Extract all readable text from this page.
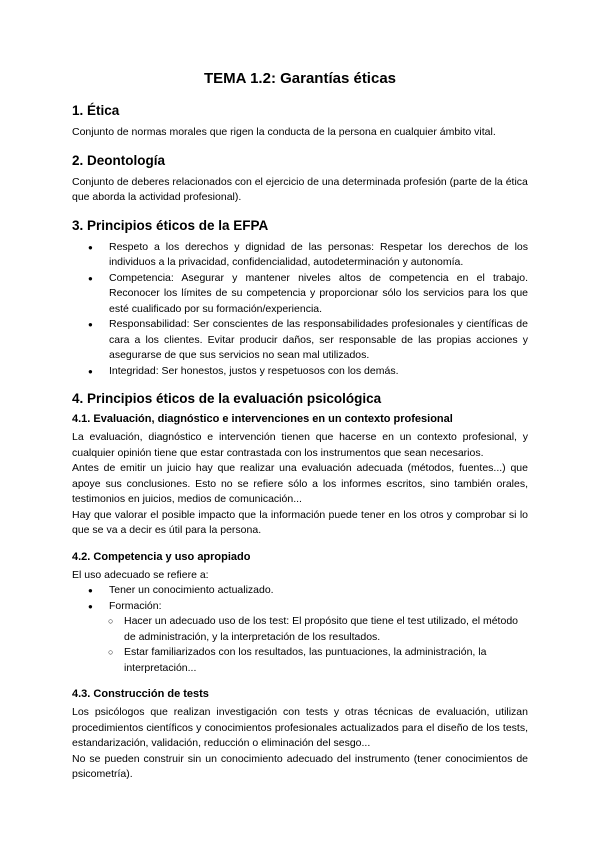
TEMA 1.2: Garantías éticas
1. Ética

Conjunto de normas morales que rigen la conducta de la persona en cualquier ámbito vital.

2. Deontología

Conjunto de deberes relacionados con el ejercicio de una determinada profesión (parte de la ética que aborda la actividad profesional).

3. Principios éticos de la EFPA
● Respeto a los derechos y dignidad de las personas: Respetar los derechos de los individuos a la privacidad, confidencialidad, autodeterminación y autonomía.
● Competencia: Asegurar y mantener niveles altos de competencia en el trabajo. Reconocer los límites de su competencia y proporcionar sólo los servicios para los que esté cualificado por su formación/experiencia.
● Responsabilidad: Ser conscientes de las responsabilidades profesionales y científicas de cara a los clientes. Evitar producir daños, ser responsable de las propias acciones y asegurarse de que sus servicios no sean mal utilizados.
● Integridad: Ser honestos, justos y respetuosos con los demás.
4. Principios éticos de la evaluación psicológica
4.1. Evaluación, diagnóstico e intervenciones en un contexto profesional

La evaluación, diagnóstico e intervención tienen que hacerse en un contexto profesional, y cualquier opinión tiene que estar contrastada con los instrumentos que sean necesarios.

Antes de emitir un juicio hay que realizar una evaluación adecuada (métodos, fuentes...) que apoye sus conclusiones. Esto no se refiere sólo a los informes escritos, sino también orales, testimonios en juicios, medios de comunicación...

Hay que valorar el posible impacto que la información puede tener en los otros y comprobar si lo que se va a decir es útil para la persona.

4.2. Competencia y uso apropiado

El uso adecuado se refiere a:

● Tener un conocimiento actualizado.
● Formación:
○ Hacer un adecuado uso de los test: El propósito que tiene el test utilizado, el método de administración, y la interpretación de los resultados.
○ Estar familiarizados con los resultados, las puntuaciones, la administración, la interpretación...
4.3. Construcción de tests

Los psicólogos que realizan investigación con tests y otras técnicas de evaluación, utilizan procedimientos científicos y conocimientos profesionales actualizados para el diseño de los tests, estandarización, validación, reducción o eliminación del sesgo...

No se pueden construir sin un conocimiento adecuado del instrumento (tener conocimientos de psicometría).
